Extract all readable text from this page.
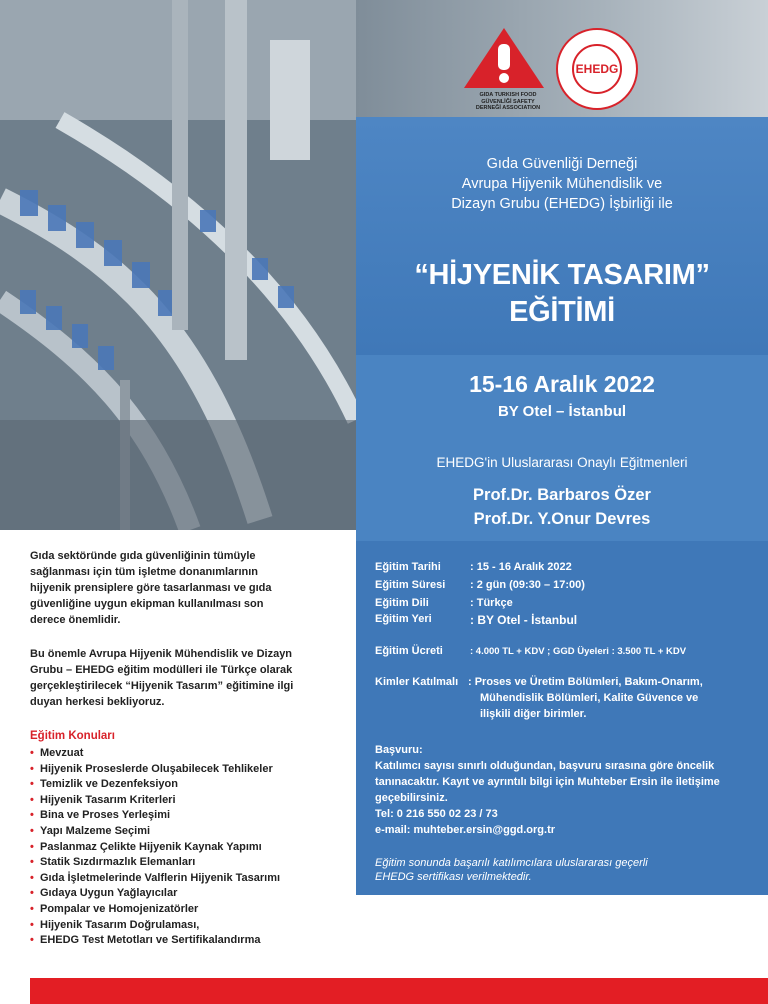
GIDA TURKISH FOOD
GÜVENLİĞİ SAFETY
DERNEĞİ ASSOCIATION
EHEDG
Gıda Güvenliği Derneği
Avrupa Hijyenik Mühendislik ve
Dizayn Grubu (EHEDG) İşbirliği ile
“HİJYENİK TASARIM”
EĞİTİMİ
15-16 Aralık 2022
BY Otel – İstanbul
EHEDG'in Uluslararası Onaylı Eğitmenleri
Prof.Dr. Barbaros Özer
Prof.Dr. Y.Onur Devres
Eğitim Tarihi	: 15 - 16 Aralık 2022
Eğitim Süresi : 2 gün (09:30 – 17:00)
Eğitim Dili	: Türkçe
Eğitim Yeri	: BY Otel - İstanbul
Eğitim Ücreti	: 4.000 TL + KDV ; GGD Üyeleri : 3.500 TL + KDV
Kimler Katılmalı : Proses ve Üretim Bölümleri, Bakım-Onarım,
Mühendislik Bölümleri, Kalite Güvence ve
ilişkili diğer birimler.
Başvuru:
Katılımcı sayısı sınırlı olduğundan, başvuru sırasına göre öncelik
tanınacaktır. Kayıt ve ayrıntılı bilgi için Muhteber Ersin ile iletişime
geçebilirsiniz.
Tel: 0 216 550 02 23 / 73
e-mail: muhteber.ersin@ggd.org.tr
Eğitim sonunda başarılı katılımcılara uluslararası geçerli
EHEDG sertifikası verilmektedir.
Gıda sektöründe gıda güvenliğinin tümüyle
sağlanması için tüm işletme donanımlarının
hijyenik prensiplere göre tasarlanması ve gıda
güvenliğine uygun ekipman kullanılması son
derece önemlidir.
Bu önemle Avrupa Hijyenik Mühendislik ve Dizayn
Grubu – EHEDG eğitim modülleri ile Türkçe olarak
gerçekleştirilecek “Hijyenik Tasarım” eğitimine ilgi
duyan herkesi bekliyoruz.
Eğitim Konuları
• Mevzuat
• Hijyenik Proseslerde Oluşabilecek Tehlikeler
• Temizlik ve Dezenfeksiyon
• Hijyenik Tasarım Kriterleri
• Bina ve Proses Yerleşimi
• Yapı Malzeme Seçimi
• Paslanmaz Çelikte Hijyenik Kaynak Yapımı
• Statik Sızdırmazlık Elemanları
• Gıda İşletmelerinde Valflerin Hijyenik Tasarımı
• Gıdaya Uygun Yağlayıcılar
• Pompalar ve Homojenizatörler
• Hijyenik Tasarım Doğrulaması,
• EHEDG Test Metotları ve Sertifikalandırma
